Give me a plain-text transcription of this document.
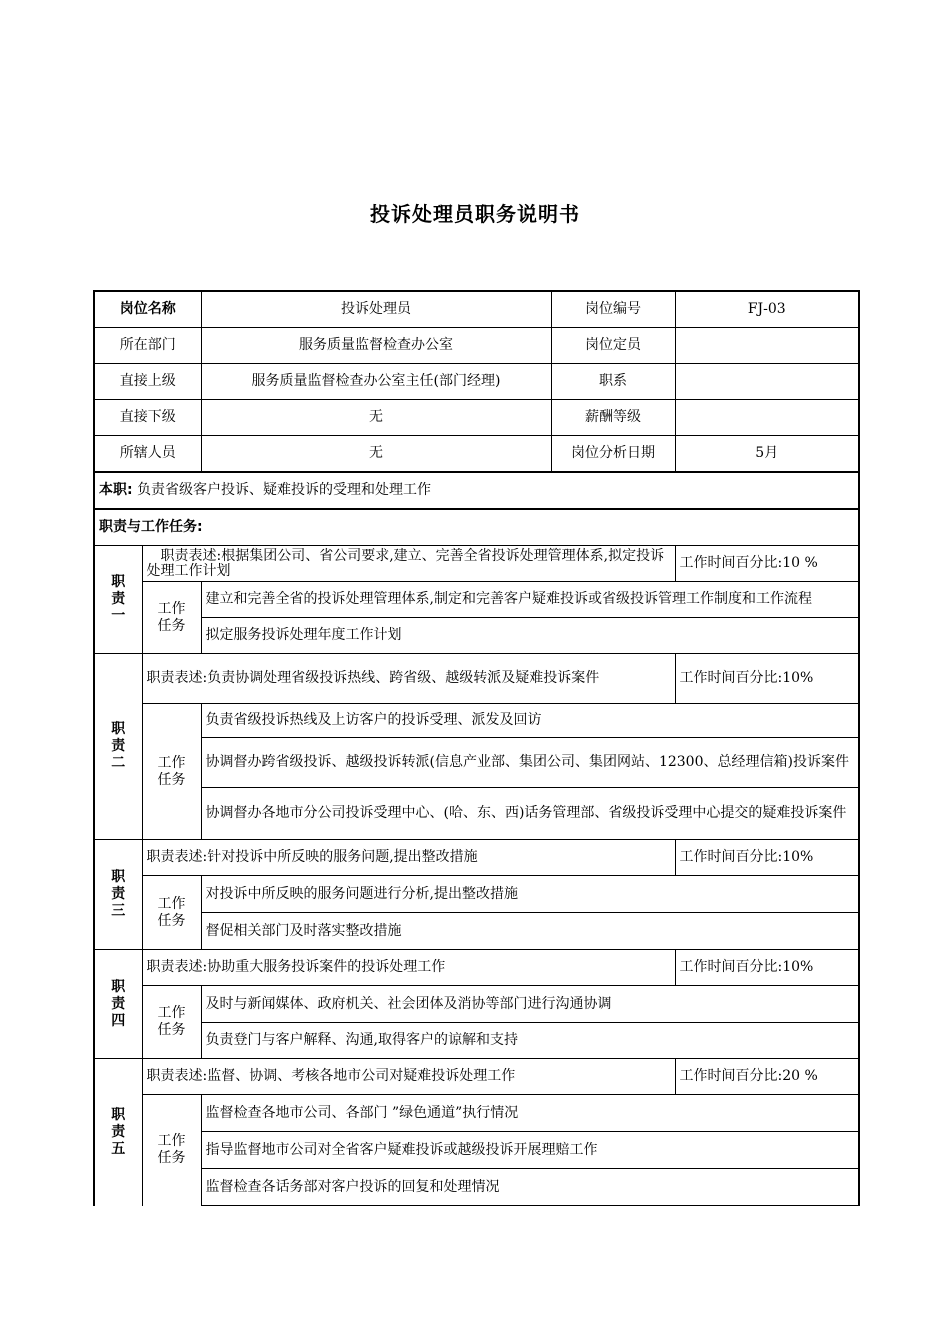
投诉处理员职务说明书
岗位名称		投诉处理员	岗位编号	FJ-03
所在部门		服务质量监督检查办公室	岗位定员	
直接上级		服务质量监督检查办公室主任(部门经理)	职系	
直接下级		无	薪酬等级	
所辖人员		无	岗位分析日期	5月
本职: 负责省级客户投诉、疑难投诉的受理和处理工作				
职责与工作任务:				

职
责
一	　职责表述:根据集团公司、省公司要求,建立、完善全省投诉处理管理体系,拟定投诉处理工作计划			工作时间百分比:10 %

	工作
任务	建立和完善全省的投诉处理管理体系,制定和完善客户疑难投诉或省级投诉管理工作制度和工作流程		
		拟定服务投诉处理年度工作计划		

职
责
二	职责表述:负责协调处理省级投诉热线、跨省级、越级转派及疑难投诉案件			工作时间百分比:10%

	工作
任务	负责省级投诉热线及上访客户的投诉受理、派发及回访		
		协调督办跨省级投诉、越级投诉转派(信息产业部、集团公司、集团网站、12300、总经理信箱)投诉案件		
		协调督办各地市分公司投诉受理中心、(哈、东、西)话务管理部、省级投诉受理中心提交的疑难投诉案件		

职
责
三	职责表述:针对投诉中所反映的服务问题,提出整改措施			工作时间百分比:10%

	工作
任务	对投诉中所反映的服务问题进行分析,提出整改措施		
		督促相关部门及时落实整改措施		

职
责
四	职责表述:协助重大服务投诉案件的投诉处理工作			工作时间百分比:10%

	工作
任务	及时与新闻媒体、政府机关、社会团体及消协等部门进行沟通协调		
		负责登门与客户解释、沟通,取得客户的谅解和支持		

职
责
五	职责表述:监督、协调、考核各地市公司对疑难投诉处理工作			工作时间百分比:20 %

	工作
任务	监督检查各地市公司、各部门 ”绿色通道”执行情况		
		指导监督地市公司对全省客户疑难投诉或越级投诉开展理赔工作		
		监督检查各话务部对客户投诉的回复和处理情况		
